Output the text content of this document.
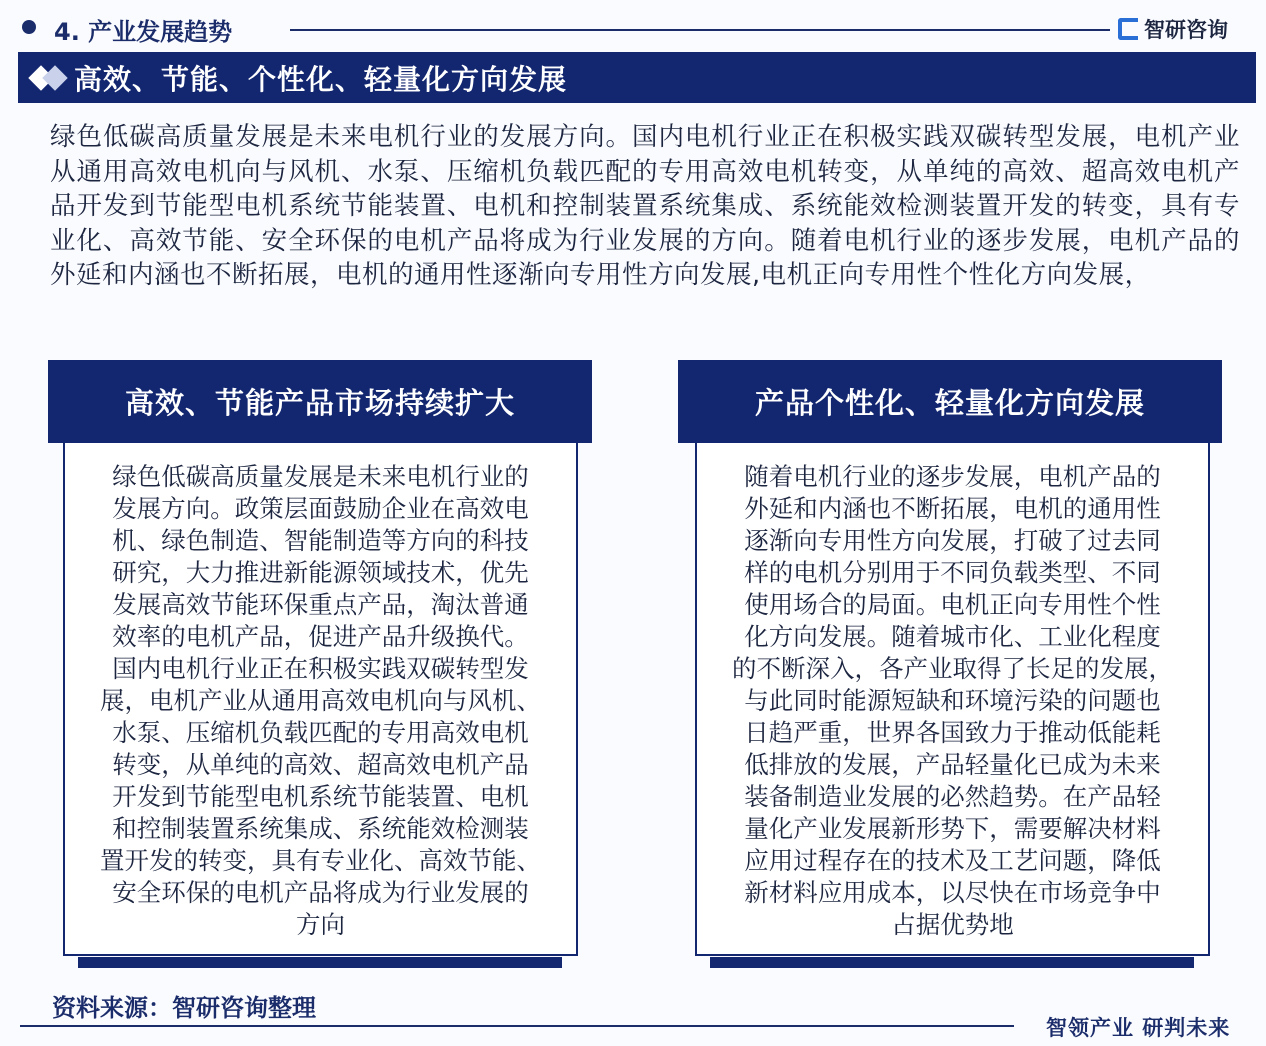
4. 产业发展趋势	智研咨询
高效、节能、个性化、轻量化方向发展
绿色低碳高质量发展是未来电机行业的发展方向。国内电机行业正在积极实践双碳转型发展，电机产业从通用高效电机向与风机、水泵、压缩机负载匹配的专用高效电机转变，从单纯的高效、超高效电机产品开发到节能型电机系统节能装置、电机和控制装置系统集成、系统能效检测装置开发的转变，具有专业化、高效节能、安全环保的电机产品将成为行业发展的方向。随着电机行业的逐步发展，电机产品的外延和内涵也不断拓展，电机的通用性逐渐向专用性方向发展,电机正向专用性个性化方向发展，
高效、节能产品市场持续扩大
绿色低碳高质量发展是未来电机行业的
发展方向。政策层面鼓励企业在高效电
机、绿色制造、智能制造等方向的科技
研究，大力推进新能源领域技术，优先
发展高效节能环保重点产品，淘汰普通
效率的电机产品，促进产品升级换代。
国内电机行业正在积极实践双碳转型发
展，电机产业从通用高效电机向与风机、
水泵、压缩机负载匹配的专用高效电机
转变，从单纯的高效、超高效电机产品
开发到节能型电机系统节能装置、电机
和控制装置系统集成、系统能效检测装
置开发的转变，具有专业化、高效节能、
安全环保的电机产品将成为行业发展的
方向
产品个性化、轻量化方向发展
随着电机行业的逐步发展，电机产品的
外延和内涵也不断拓展，电机的通用性
逐渐向专用性方向发展，打破了过去同
样的电机分别用于不同负载类型、不同
使用场合的局面。电机正向专用性个性
化方向发展。随着城市化、工业化程度
的不断深入，各产业取得了长足的发展，
与此同时能源短缺和环境污染的问题也
日趋严重，世界各国致力于推动低能耗
低排放的发展，产品轻量化已成为未来
装备制造业发展的必然趋势。在产品轻
量化产业发展新形势下，需要解决材料
应用过程存在的技术及工艺问题，降低
新材料应用成本，以尽快在市场竞争中
占据优势地
资料来源：智研咨询整理
智领产业 研判未来
